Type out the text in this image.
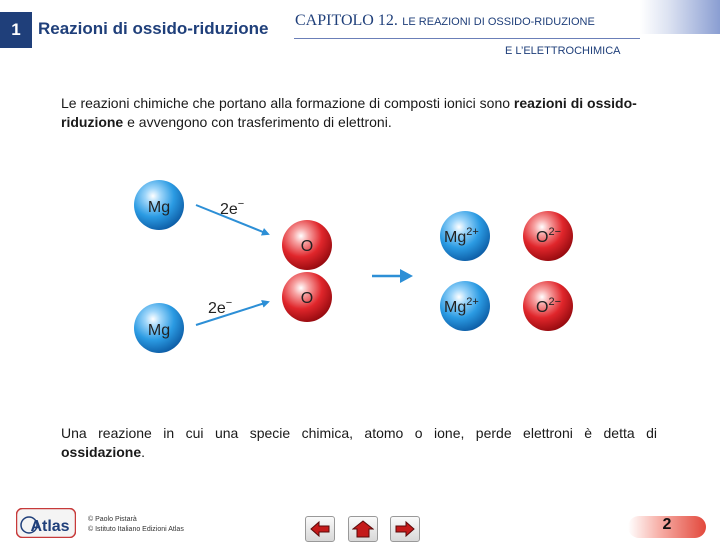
1	Reazioni di ossido-riduzione	CAPITOLO 12. LE REAZIONI DI OSSIDO-RIDUZIONE
E L’ELETTROCHIMICA
Le reazioni chimiche che portano alla formazione di composti ionici sono reazioni di ossido-riduzione e avvengono con trasferimento di elettroni.
Mg
Mg
2e−
2e−
O
O
$Mg^{2+}$
$Mg^{2+}$
$O^{2-}$
$O^{2-}$
Una reazione in cui una specie chimica, atomo o ione, perde elettroni è detta di
ossidazione.
Atlas	© Paolo Pistarà
© Istituto Italiano Edizioni Atlas	2
